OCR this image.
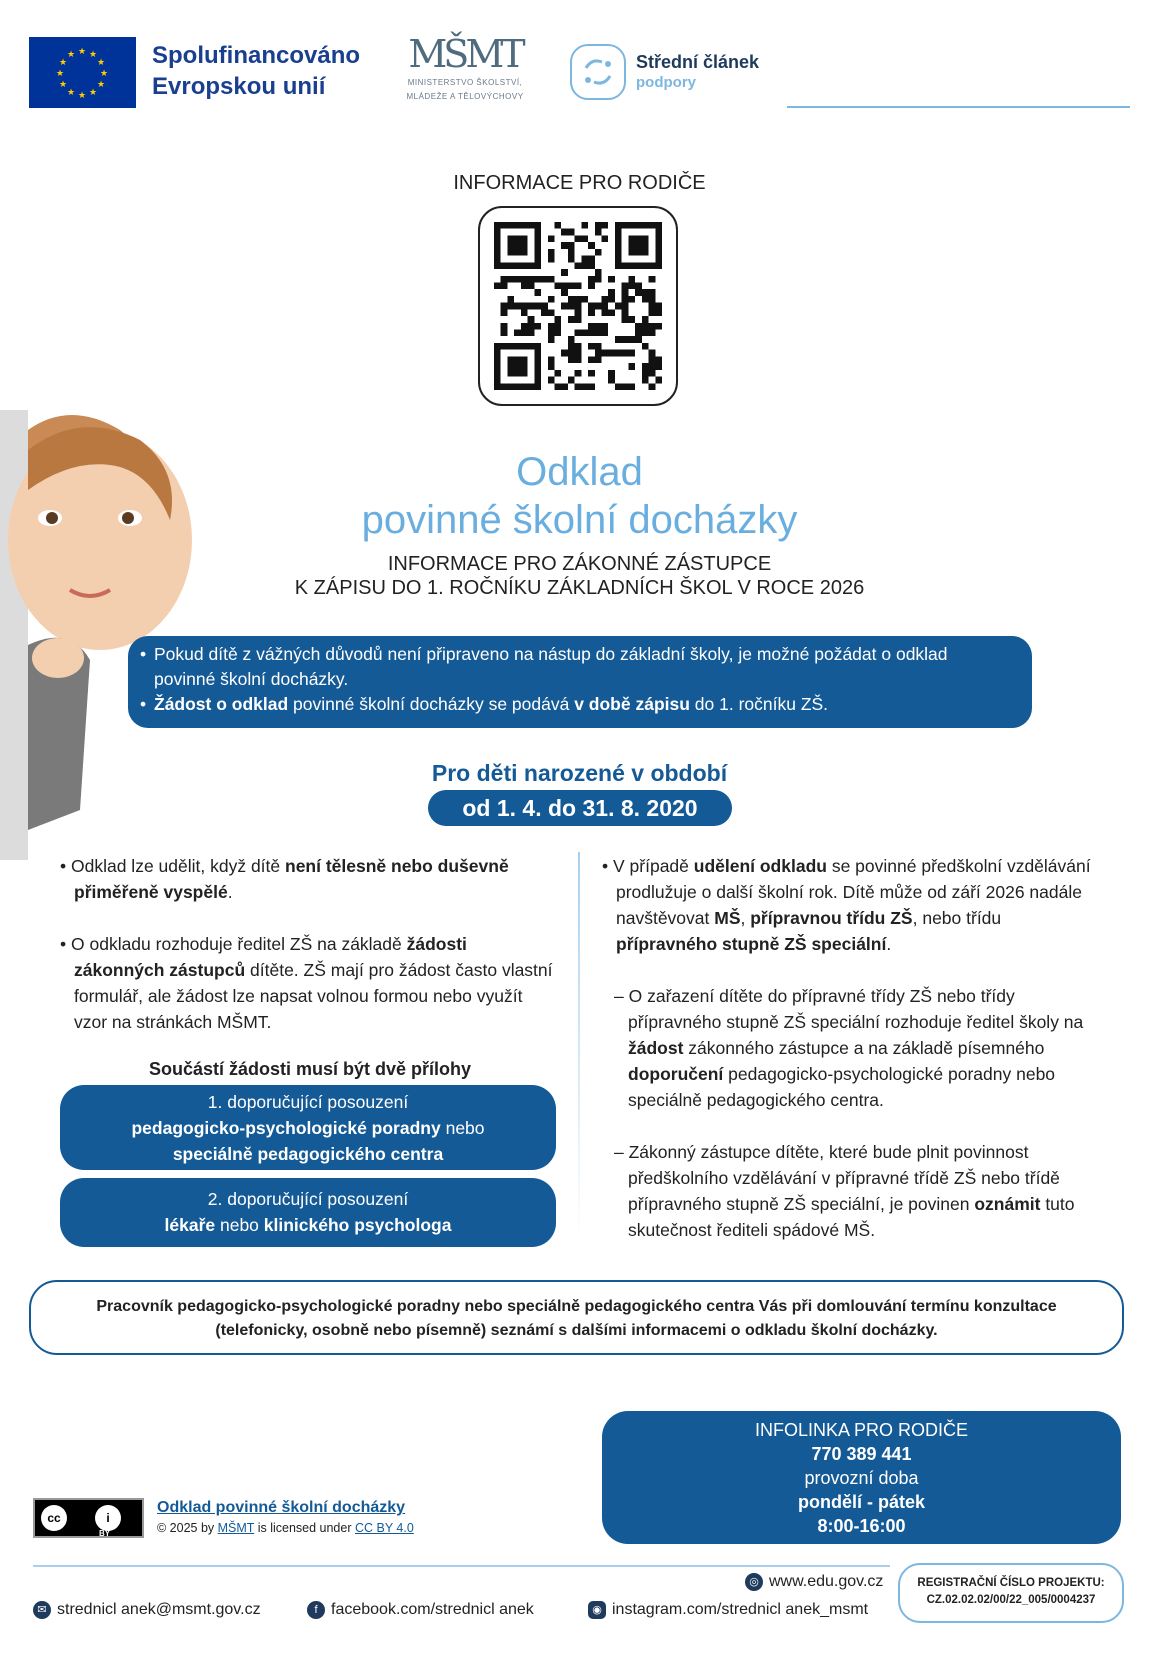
★ ★
★
★
★
★
★
★
★
★
★
★	Spolufinancováno
Evropskou unií
MŠMT
MINISTERSTVO ŠKOLSTVÍ,
MLÁDEŽE A TĚLOVÝCHOVY
Střední článek
podpory
INFORMACE PRO RODIČE
Odklad
povinné školní docházky
INFORMACE PRO ZÁKONNÉ ZÁSTUPCE
K ZÁPISU DO 1. ROČNÍKU ZÁKLADNÍCH ŠKOL V ROCE 2026

• Pokud dítě z vážných důvodů není připraveno na nástup do základní školy, je možné požádat o odklad

povinné školní docházky.

• Žádost o odklad povinné školní docházky se podává v době zápisu do 1. ročníku ZŠ.

Pro děti narozené v období
od 1. 4. do 31. 8. 2020

• Odklad lze udělit, když dítě není tělesně nebo duševně přiměřeně vyspělé.

• O odkladu rozhoduje ředitel ZŠ na základě žádosti zákonných zástupců dítěte. ZŠ mají pro žádost často vlastní formulář, ale žádost lze napsat volnou formou nebo využít vzor na stránkách MŠMT.

Součástí žádosti musí být dvě přílohy
1. doporučující posouzení
pedagogicko-psychologické poradny nebo
speciálně pedagogického centra
2. doporučující posouzení
lékaře nebo klinického psychologa

• V případě udělení odkladu se povinné předškolní vzdělávání prodlužuje o další školní rok. Dítě může od září 2026 nadále navštěvovat MŠ, přípravnou třídu ZŠ, nebo třídu přípravného stupně ZŠ speciální.

– O zařazení dítěte do přípravné třídy ZŠ nebo třídy přípravného stupně ZŠ speciální rozhoduje ředitel školy na žádost zákonného zástupce a na základě písemného doporučení pedagogicko-psychologické poradny nebo speciálně pedagogického centra.

– Zákonný zástupce dítěte, které bude plnit povinnost předškolního vzdělávání v přípravné třídě ZŠ nebo třídě přípravného stupně ZŠ speciální, je povinen oznámit tuto skutečnost řediteli spádové MŠ.

Pracovník pedagogicko-psychologické poradny nebo speciálně pedagogického centra Vás při domlouvání termínu konzultace
(telefonicky, osobně nebo písemně) seznámí s dalšími informacemi o odkladu školní docházky.
INFOLINKA PRO RODIČE
770 389 441
provozní doba
pondělí - pátek
8:00-16:00
cc	i
BY
Odklad povinné školní docházky
© 2025 by MŠMT is licensed under CC BY 4.0
◎ www.edu.gov.cz
✉ strednicl anek@msmt.gov.cz	f facebook.com/strednicl anek	◉ instagram.com/strednicl anek_msmt
REGISTRAČNÍ ČÍSLO PROJEKTU:
CZ.02.02.02/00/22_005/0004237
